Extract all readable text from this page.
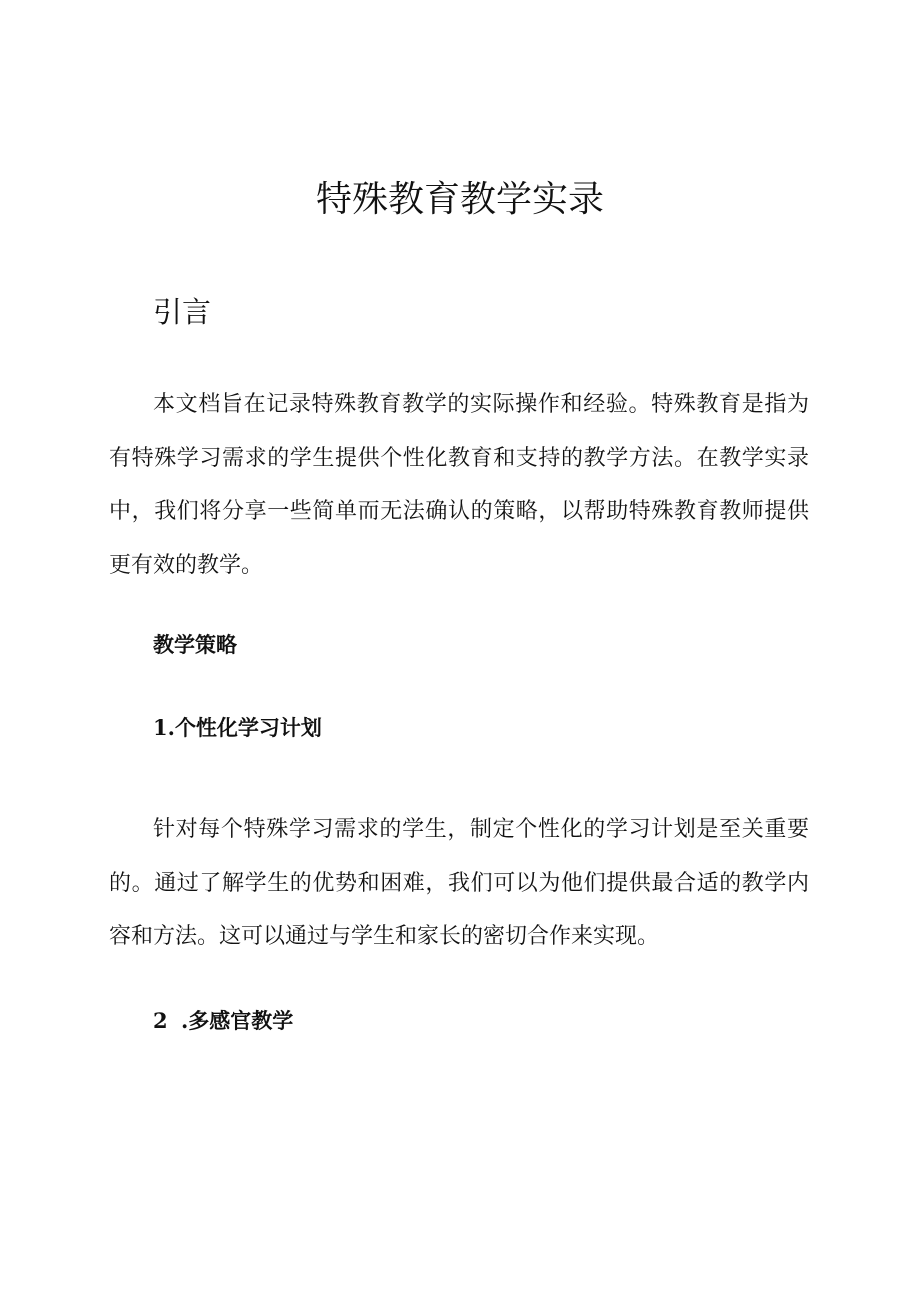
特殊教育教学实录
引言

本文档旨在记录特殊教育教学的实际操作和经验。特殊教育是指为有特殊学习需求的学生提供个性化教育和支持的教学方法。在教学实录中，我们将分享一些简单而无法确认的策略，以帮助特殊教育教师提供更有效的教学。

教学策略
1.个性化学习计划

针对每个特殊学习需求的学生，制定个性化的学习计划是至关重要的。通过了解学生的优势和困难，我们可以为他们提供最合适的教学内容和方法。这可以通过与学生和家长的密切合作来实现。

2 .多感官教学
